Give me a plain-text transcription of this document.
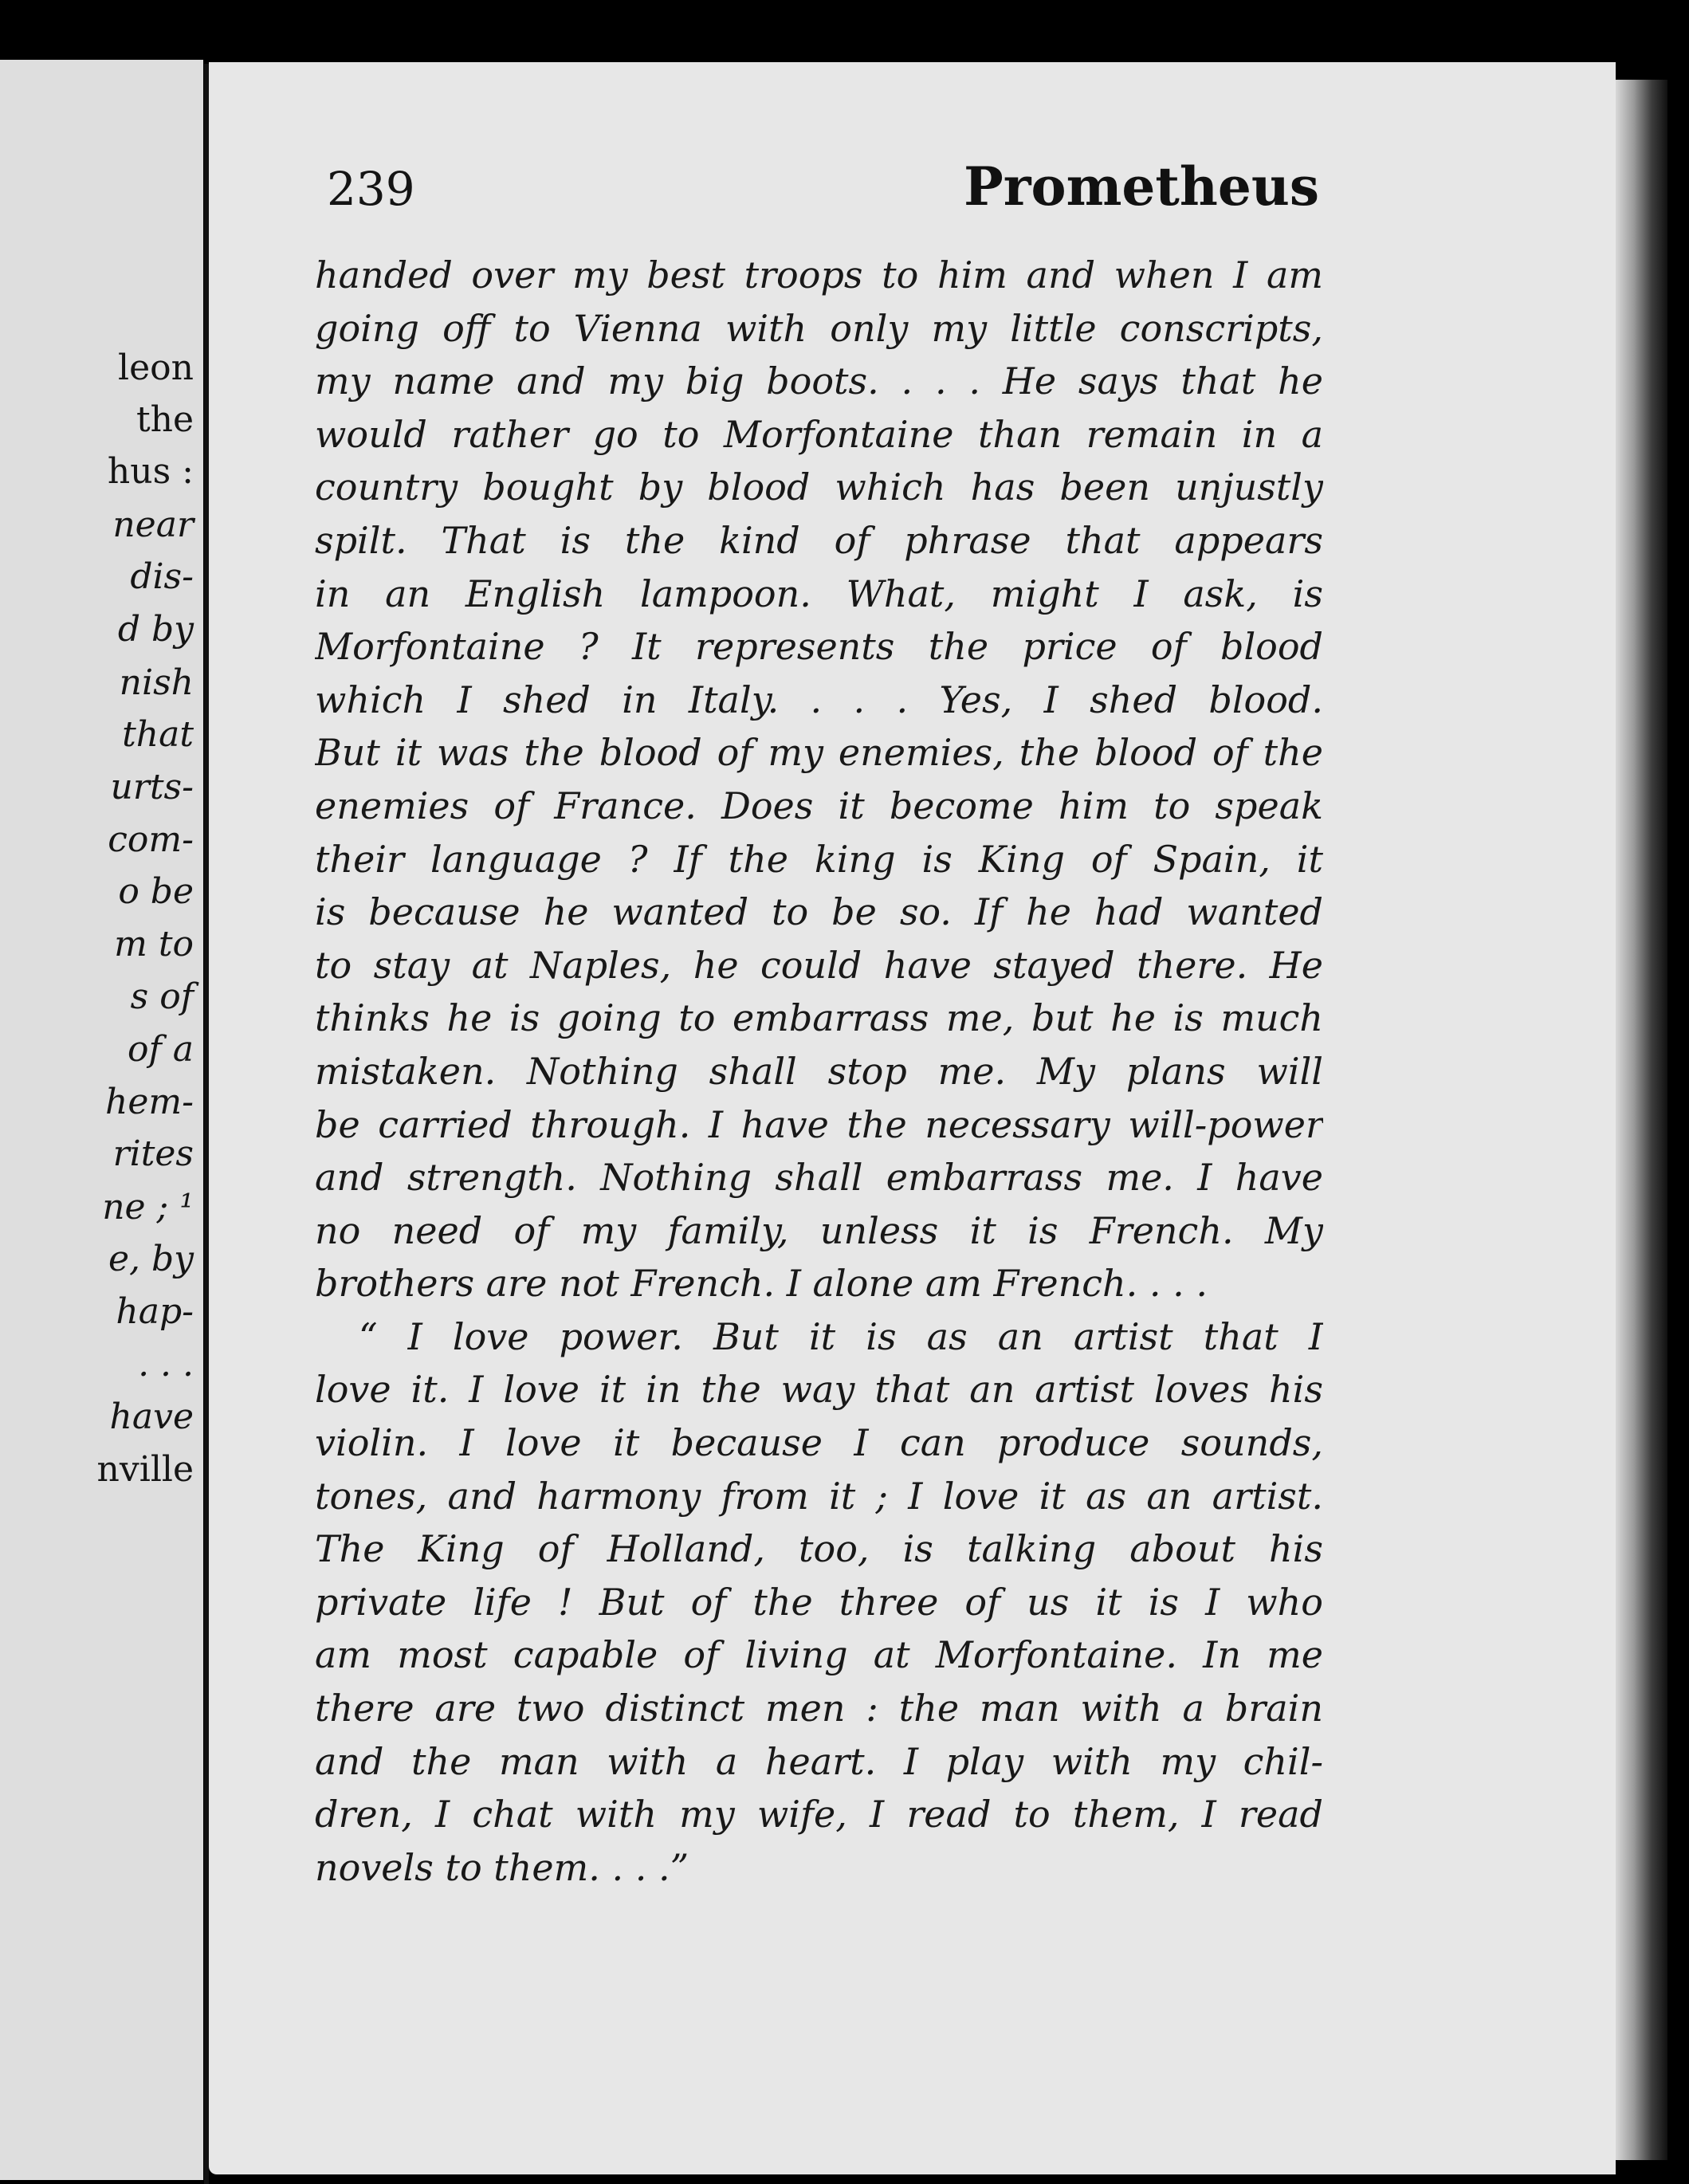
leon
the
hus :
near
dis-
d by
nish
that
urts-
com-
o be
m to
s of
of a
hem-
rites
ne ; ¹
e, by
hap-
. . .
have
nville
239	Prometheus
handed over my best troops to him and when I am
going off to Vienna with only my little conscripts,
my name and my big boots. . . . He says that he
would rather go to Morfontaine than remain in a
country bought by blood which has been unjustly
spilt. That is the kind of phrase that appears
in an English lampoon. What, might I ask, is
Morfontaine ? It represents the price of blood
which I shed in Italy. . . . Yes, I shed blood.
But it was the blood of my enemies, the blood of the
enemies of France. Does it become him to speak
their language ? If the king is King of Spain, it
is because he wanted to be so. If he had wanted
to stay at Naples, he could have stayed there. He
thinks he is going to embarrass me, but he is much
mistaken. Nothing shall stop me. My plans will
be carried through. I have the necessary will-power
and strength. Nothing shall embarrass me. I have
no need of my family, unless it is French. My
brothers are not French. I alone am French. . . .
“ I love power. But it is as an artist that I
love it. I love it in the way that an artist loves his
violin. I love it because I can produce sounds,
tones, and harmony from it ; I love it as an artist.
The King of Holland, too, is talking about his
private life ! But of the three of us it is I who
am most capable of living at Morfontaine. In me
there are two distinct men : the man with a brain
and the man with a heart. I play with my chil-
dren, I chat with my wife, I read to them, I read
novels to them. . . .”
